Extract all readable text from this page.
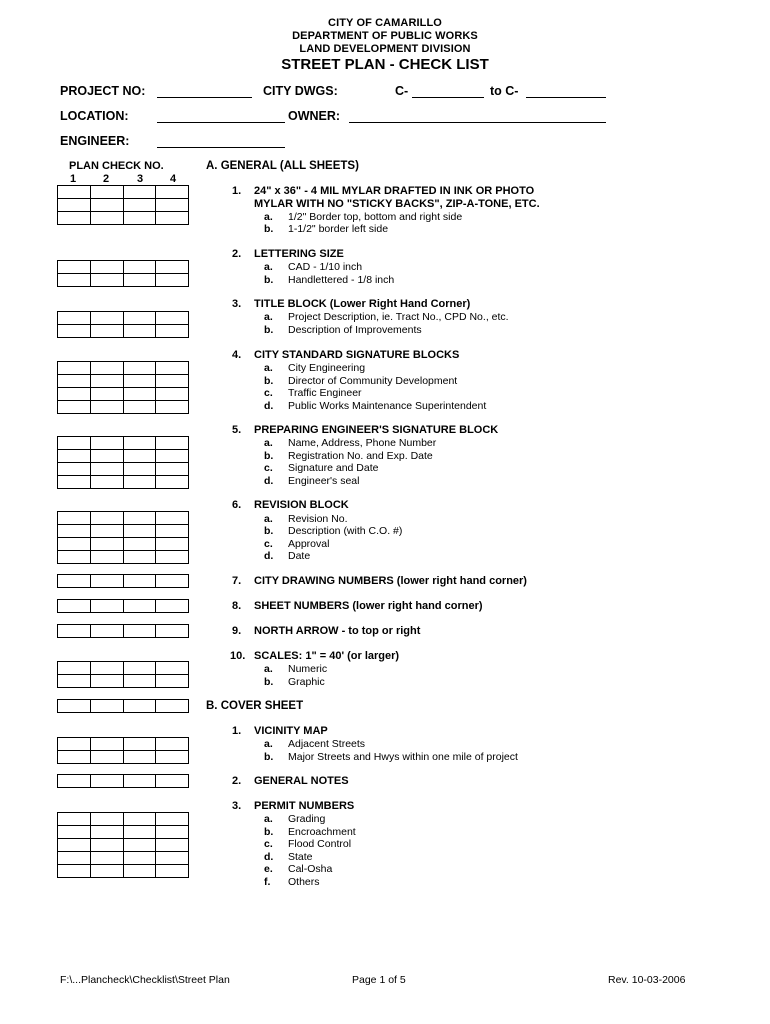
CITY OF CAMARILLO
DEPARTMENT OF PUBLIC WORKS
LAND DEVELOPMENT DIVISION
STREET PLAN - CHECK LIST
PROJECT NO:	CITY DWGS:	C-	to C-
LOCATION:	OWNER:
ENGINEER:
PLAN CHECK NO.
1 2	3 4
A. GENERAL (ALL SHEETS)
1. 24" x 36" - 4 MIL MYLAR DRAFTED IN INK OR PHOTO
MYLAR WITH NO "STICKY BACKS", ZIP-A-TONE, ETC.
a. 1/2" Border top, bottom and right side
b. 1-1/2" border left side
2. LETTERING SIZE
a. CAD - 1/10 inch
b. Handlettered - 1/8 inch
3. TITLE BLOCK (Lower Right Hand Corner)
a. Project Description, ie. Tract No., CPD No., etc.
b. Description of Improvements
4. CITY STANDARD SIGNATURE BLOCKS
a. City Engineering
b. Director of Community Development
c. Traffic Engineer
d. Public Works Maintenance Superintendent
5. PREPARING ENGINEER'S SIGNATURE BLOCK
a. Name, Address, Phone Number
b. Registration No. and Exp. Date
c. Signature and Date
d. Engineer's seal
6. REVISION BLOCK
a. Revision No.
b. Description (with C.O. #)
c. Approval
d. Date
7. CITY DRAWING NUMBERS (lower right hand corner)
8. SHEET NUMBERS (lower right hand corner)
9. NORTH ARROW - to top or right
10. SCALES: 1" = 40' (or larger)
a. Numeric
b. Graphic
B. COVER SHEET
1. VICINITY MAP
a. Adjacent Streets
b. Major Streets and Hwys within one mile of project
2. GENERAL NOTES
3. PERMIT NUMBERS
a. Grading
b. Encroachment
c. Flood Control
d. State
e. Cal-Osha
f. Others

F:\...Plancheck\Checklist\Street Plan	Page 1 of 5	Rev. 10-03-2006
